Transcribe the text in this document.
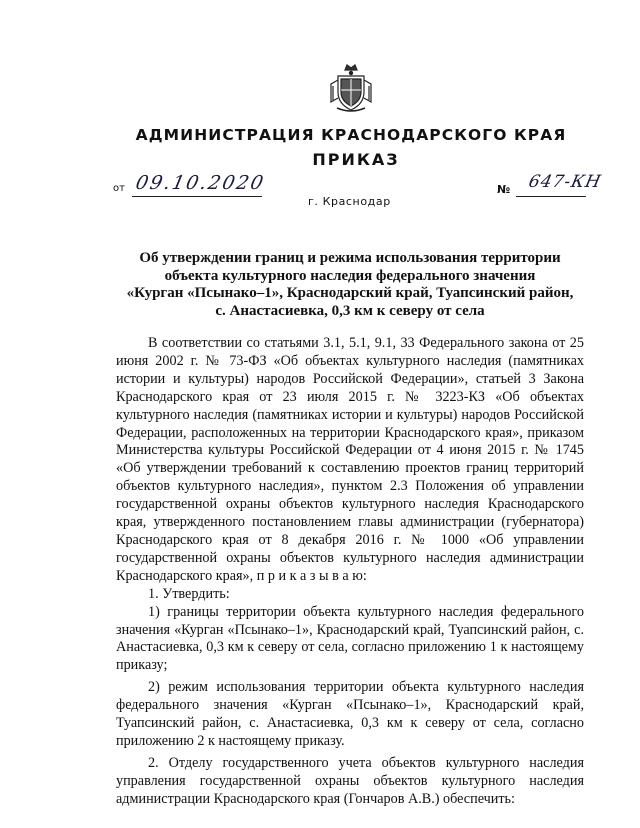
АДМИНИСТРАЦИЯ КРАСНОДАРСКОГО КРАЯ
ПРИКАЗ
от 09.10.2020	№ 647-КН
г. Краснодар
Об утверждении границ и режима использования территории
объекта культурного наследия федерального значения
«Курган «Псынако–1», Краснодарский край, Туапсинский район,
с. Анастасиевка, 0,3 км к северу от села

В соответствии со статьями 3.1, 5.1, 9.1, 33 Федерального закона от 25 июня 2002 г. № 73-ФЗ «Об объектах культурного наследия (памятниках истории и культуры) народов Российской Федерации», статьей 3 Закона Краснодарского края от 23 июля 2015 г. № 3223-КЗ «Об объектах культурного наследия (памятниках истории и культуры) народов Российской Федерации, расположенных на территории Краснодарского края», приказом Министерства культуры Российской Федерации от 4 июня 2015 г. № 1745 «Об утверждении требований к составлению проектов границ территорий объектов культурного наследия», пунктом 2.3 Положения об управлении государственной охраны объектов культурного наследия Краснодарского края, утвержденного постановлением главы администрации (губернатора) Краснодарского края от 8 декабря 2016 г. № 1000 «Об управлении государственной охраны объектов культурного наследия администрации Краснодарского края», п р и к а з ы в а ю:

1. Утвердить:

1) границы территории объекта культурного наследия федерального значения «Курган «Псынако–1», Краснодарский край, Туапсинский район, с. Анастасиевка, 0,3 км к северу от села, согласно приложению 1 к настоящему приказу;

2) режим использования территории объекта культурного наследия федерального значения «Курган «Псынако–1», Краснодарский край, Туапсинский район, с. Анастасиевка, 0,3 км к северу от села, согласно приложению 2 к настоящему приказу.

2. Отделу государственного учета объектов культурного наследия управления государственной охраны объектов культурного наследия администрации Краснодарского края (Гончаров А.В.) обеспечить:
